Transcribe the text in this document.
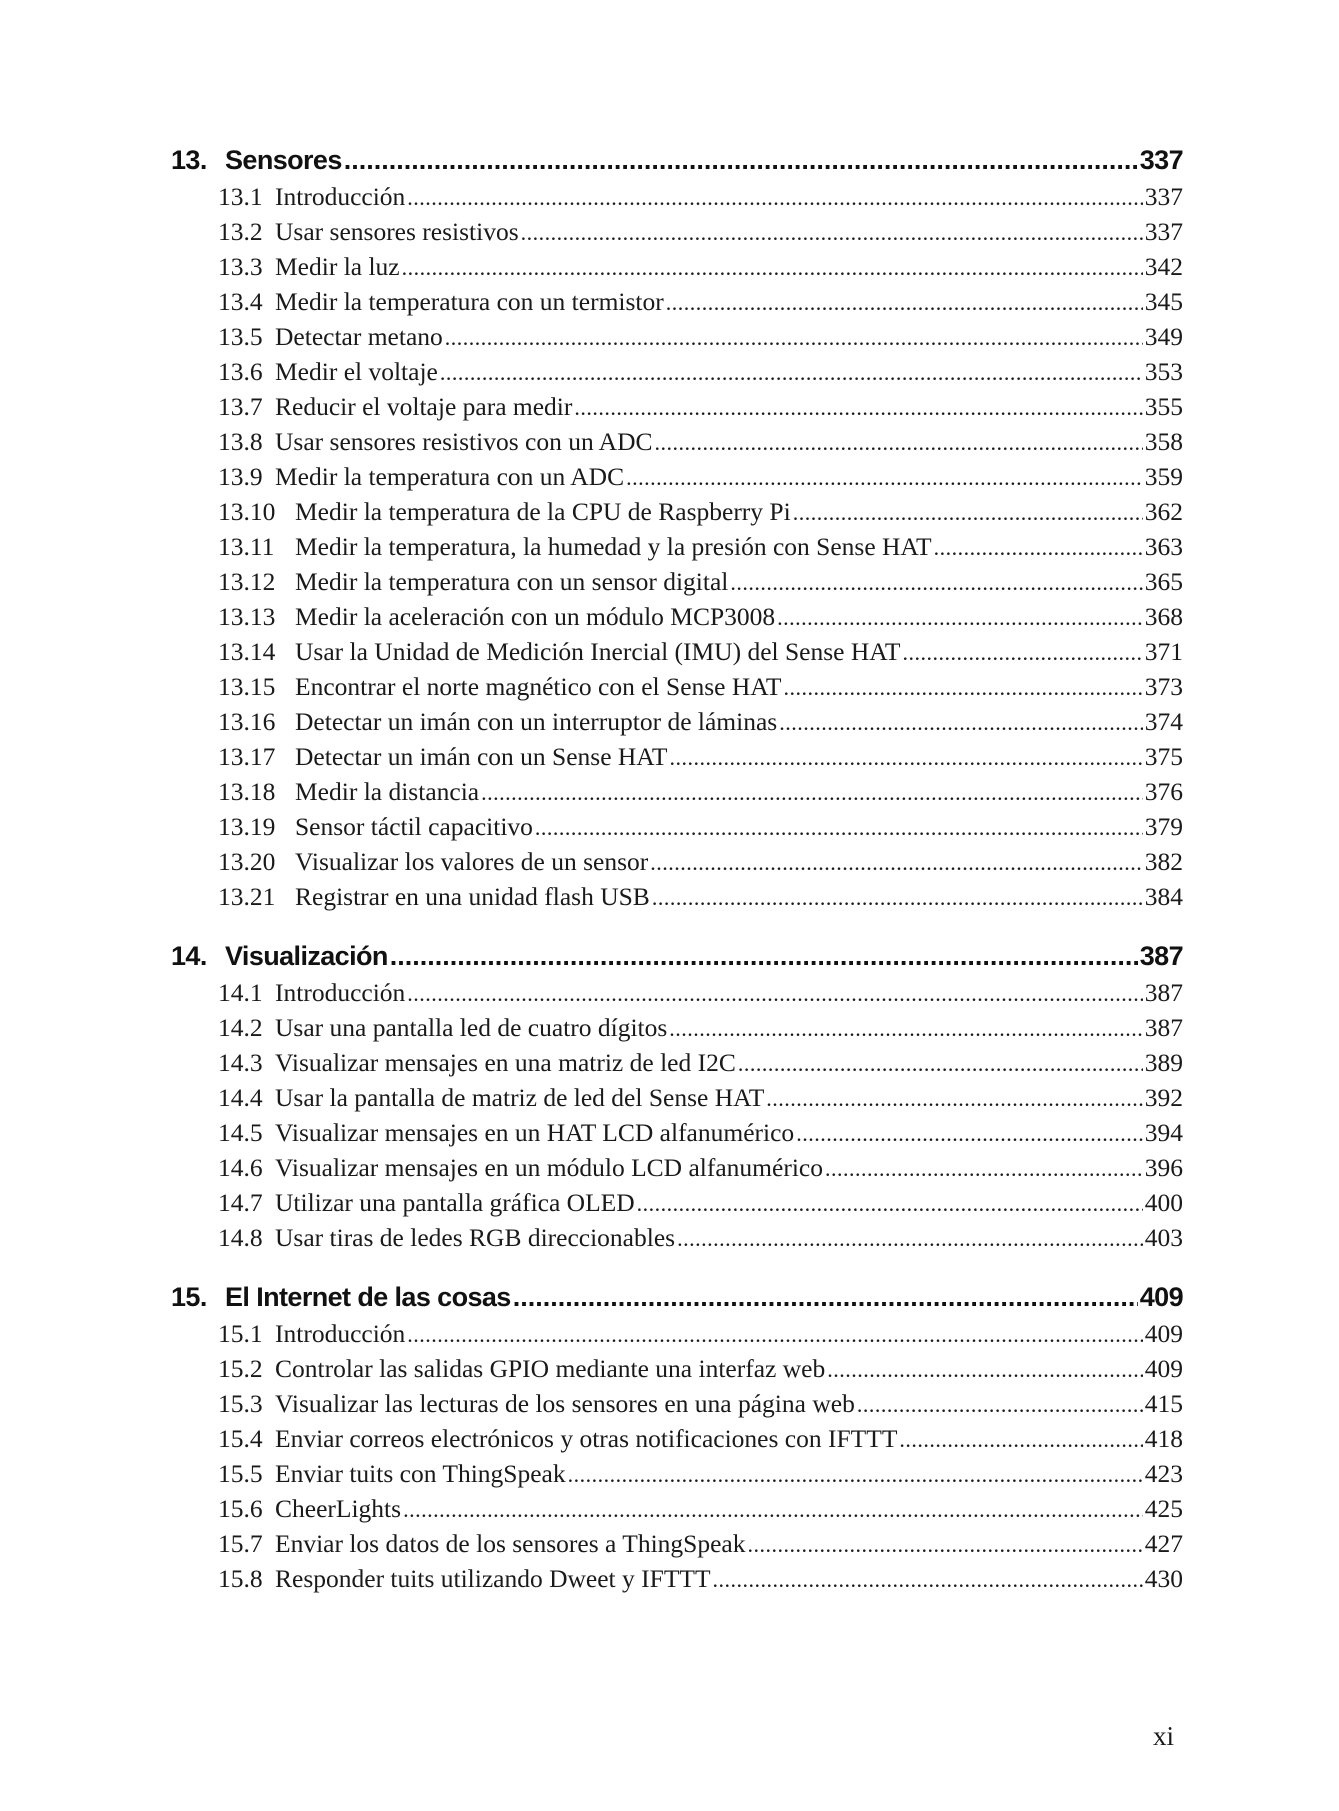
13. Sensores .....	337
13.1 Introducción .....	337
13.2 Usar sensores resistivos .....	337
13.3 Medir la luz .....	342
13.4 Medir la temperatura con un termistor .....	345
13.5 Detectar metano .....	349
13.6 Medir el voltaje .....	353
13.7 Reducir el voltaje para medir .....	355
13.8 Usar sensores resistivos con un ADC .....	358
13.9 Medir la temperatura con un ADC .....	359
13.10 Medir la temperatura de la CPU de Raspberry Pi .....	362
13.11 Medir la temperatura, la humedad y la presión con Sense HAT .....	363
13.12 Medir la temperatura con un sensor digital .....	365
13.13 Medir la aceleración con un módulo MCP3008 .....	368
13.14 Usar la Unidad de Medición Inercial (IMU) del Sense HAT .....	371
13.15 Encontrar el norte magnético con el Sense HAT .....	373
13.16 Detectar un imán con un interruptor de láminas .....	374
13.17 Detectar un imán con un Sense HAT .....	375
13.18 Medir la distancia .....	376
13.19 Sensor táctil capacitivo .....	379
13.20 Visualizar los valores de un sensor .....	382
13.21 Registrar en una unidad flash USB .....	384
14. Visualización .....	387
14.1 Introducción .....	387
14.2 Usar una pantalla led de cuatro dígitos .....	387
14.3 Visualizar mensajes en una matriz de led I2C .....	389
14.4 Usar la pantalla de matriz de led del Sense HAT .....	392
14.5 Visualizar mensajes en un HAT LCD alfanumérico .....	394
14.6 Visualizar mensajes en un módulo LCD alfanumérico .....	396
14.7 Utilizar una pantalla gráfica OLED .....	400
14.8 Usar tiras de ledes RGB direccionables .....	403
15. El Internet de las cosas .....	409
15.1 Introducción .....	409
15.2 Controlar las salidas GPIO mediante una interfaz web .....	409
15.3 Visualizar las lecturas de los sensores en una página web .....	415
15.4 Enviar correos electrónicos y otras notificaciones con IFTTT .....	418
15.5 Enviar tuits con ThingSpeak .....	423
15.6 CheerLights .....	425
15.7 Enviar los datos de los sensores a ThingSpeak .....	427
15.8 Responder tuits utilizando Dweet y IFTTT .....	430
xi
